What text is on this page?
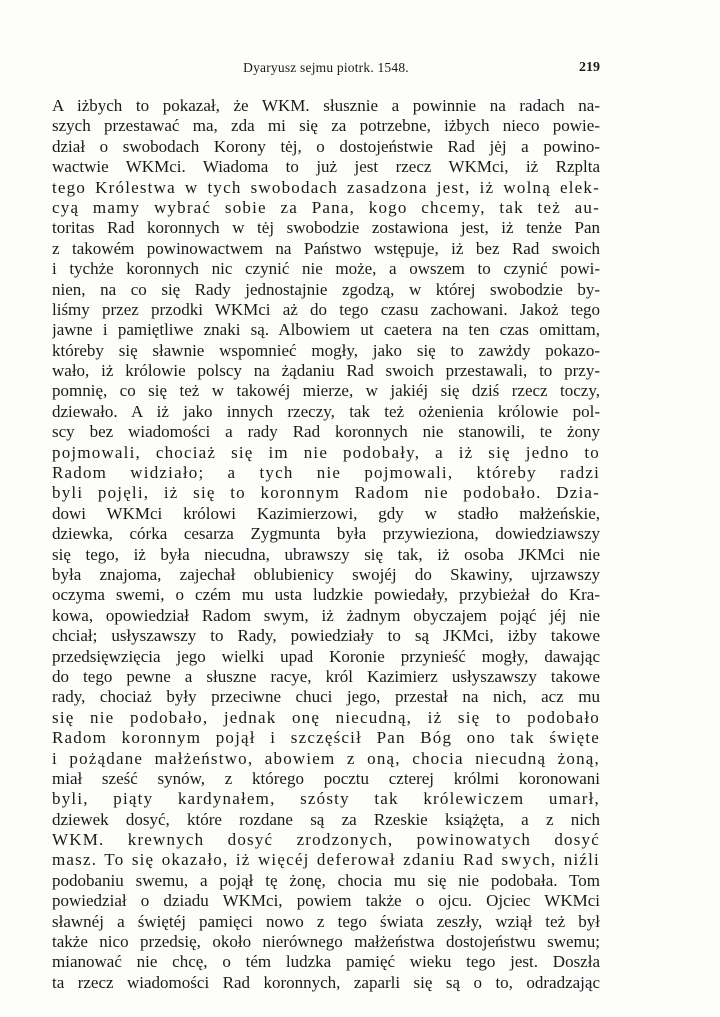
Dyaryusz sejmu piotrk. 1548.	219
A iżbych to pokazał, że WKM. słusznie a powinnie na radach na-
szych przestawać ma, zda mi się za potrzebne, iżbych nieco powie-
dział o swobodach Korony tėj, o dostojeństwie Rad jėj a powino-
wactwie WKMci. Wiadoma to już jest rzecz WKMci, iż Rzplta
tego Królestwa w tych swobodach zasadzona jest, iż wolną elek-
cyą mamy wybrać sobie za Pana, kogo chcemy, tak też au-
toritas Rad koronnych w tėj swobodzie zostawiona jest, iż tenże Pan
z takowém powinowactwem na Państwo wstępuje, iż bez Rad swoich
i tychże koronnych nic czynić nie może, a owszem to czynić powi-
nien, na co się Rady jednostajnie zgodzą, w której swobodzie by-
liśmy przez przodki WKMci aż do tego czasu zachowani. Jakoż tego
jawne i pamiętliwe znaki są. Albowiem ut caetera na ten czas omittam,
któreby się sławnie wspomnieć mogły, jako się to zawżdy pokazo-
wało, iż królowie polscy na żądaniu Rad swoich przestawali, to przy-
pomnię, co się też w takowéj mierze, w jakiéj się dziś rzecz toczy,
dziewało. A iż jako innych rzeczy, tak też ożenienia królowie pol-
scy bez wiadomości a rady Rad koronnych nie stanowili, te żony
pojmowali, chociaż się im nie podobały, a iż się jedno to
Radom widziało; a tych nie pojmowali, któreby radzi
byli pojęli, iż się to koronnym Radom nie podobało. Dzia-
dowi WKMci królowi Kazimierzowi, gdy w stadło małżeńskie,
dziewka, córka cesarza Zygmunta była przywieziona, dowiedziawszy
się tego, iż była niecudna, ubrawszy się tak, iż osoba JKMci nie
była znajoma, zajechał oblubienicy swojéj do Skawiny, ujrzawszy
oczyma swemi, o czém mu usta ludzkie powiedały, przybieżał do Kra-
kowa, opowiedział Radom swym, iż żadnym obyczajem pojąć jéj nie
chciał; usłyszawszy to Rady, powiedziały to są JKMci, iżby takowe
przedsięwzięcia jego wielki upad Koronie przynieść mogły, dawając
do tego pewne a słuszne racye, król Kazimierz usłyszawszy takowe
rady, chociaż były przeciwne chuci jego, przestał na nich, acz mu
się nie podobało, jednak onę niecudną, iż się to podobało
Radom koronnym pojął i szczęścił Pan Bóg ono tak święte
i pożądane małżeństwo, abowiem z oną, chocia niecudną żoną,
miał sześć synów, z którego pocztu czterej królmi koronowani
byli, piąty kardynałem, szósty tak królewiczem umarł,
dziewek dosyć, które rozdane są za Rzeskie książęta, a z nich
WKM. krewnych dosyć zrodzonych, powinowatych dosyć
masz. To się okazało, iż więcéj deferował zdaniu Rad swych, niźli
podobaniu swemu, a pojął tę żonę, chocia mu się nie podobała. Tom
powiedział o dziadu WKMci, powiem także o ojcu. Ojciec WKMci
sławnéj a świętéj pamięci nowo z tego świata zeszły, wziął też był
także nico przedsię, około nierównego małżeństwa dostojeństwu swemu;
mianować nie chcę, o tém ludzka pamięć wieku tego jest. Doszła
ta rzecz wiadomości Rad koronnych, zaparli się są o to, odradzając
